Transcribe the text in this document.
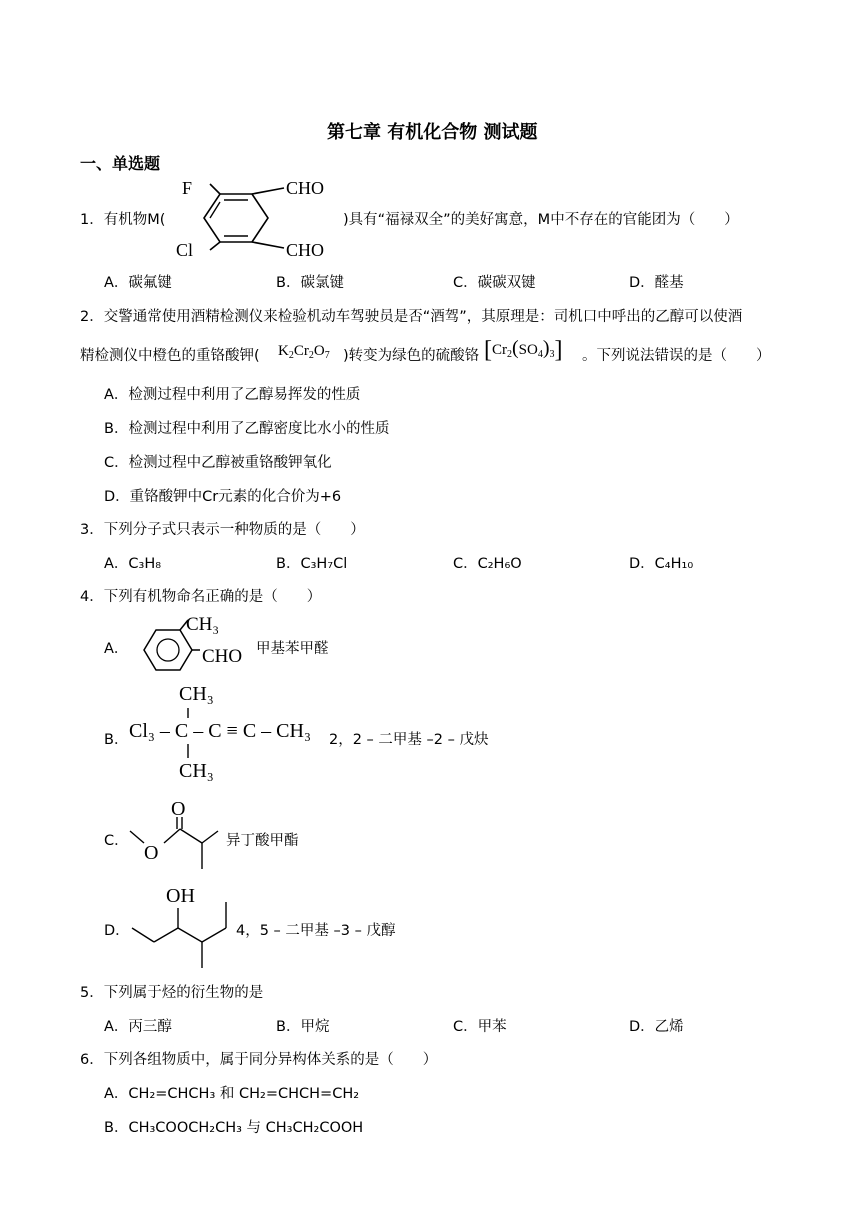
第七章 有机化合物 测试题
一、单选题
1．有机物M(
F
Cl
CHO
CHO
)具有“福禄双全”的美好寓意，M中不存在的官能团为（　　）
A．碳氟键	B．碳氯键	C．碳碳双键	D．醛基
2．交警通常使用酒精检测仪来检验机动车驾驶员是否“酒驾”，其原理是：司机口中呼出的乙醇可以使酒
精检测仪中橙色的重铬酸钾( $K_2Cr_2O_7$ )转变为绿色的硫酸铬 $[Cr_2(SO_4)_3]$ 。下列说法错误的是（　　）
A．检测过程中利用了乙醇易挥发的性质
B．检测过程中利用了乙醇密度比水小的性质
C．检测过程中乙醇被重铬酸钾氧化
D．重铬酸钾中Cr元素的化合价为+6
3．下列分子式只表示一种物质的是（　　）
A．C₃H₈	B．C₃H₇Cl	C．C₂H₆O	D．C₄H₁₀
4．下列有机物命名正确的是（　　）
A．
CH₃
CHO 甲基苯甲醛
B．
CH₃
Cl₃ – C – C ≡ C – CH₃
CH₃
2，2 – 二甲基 –2 – 戊炔
C．
O
O
异丁酸甲酯
D．
OH
4，5 – 二甲基 –3 – 戊醇
5．下列属于烃的衍生物的是
A．丙三醇	B．甲烷	C．甲苯	D．乙烯
6．下列各组物质中，属于同分异构体关系的是（　　）
A．CH₂=CHCH₃ 和 CH₂=CHCH=CH₂
B．CH₃COOCH₂CH₃ 与 CH₃CH₂COOH
